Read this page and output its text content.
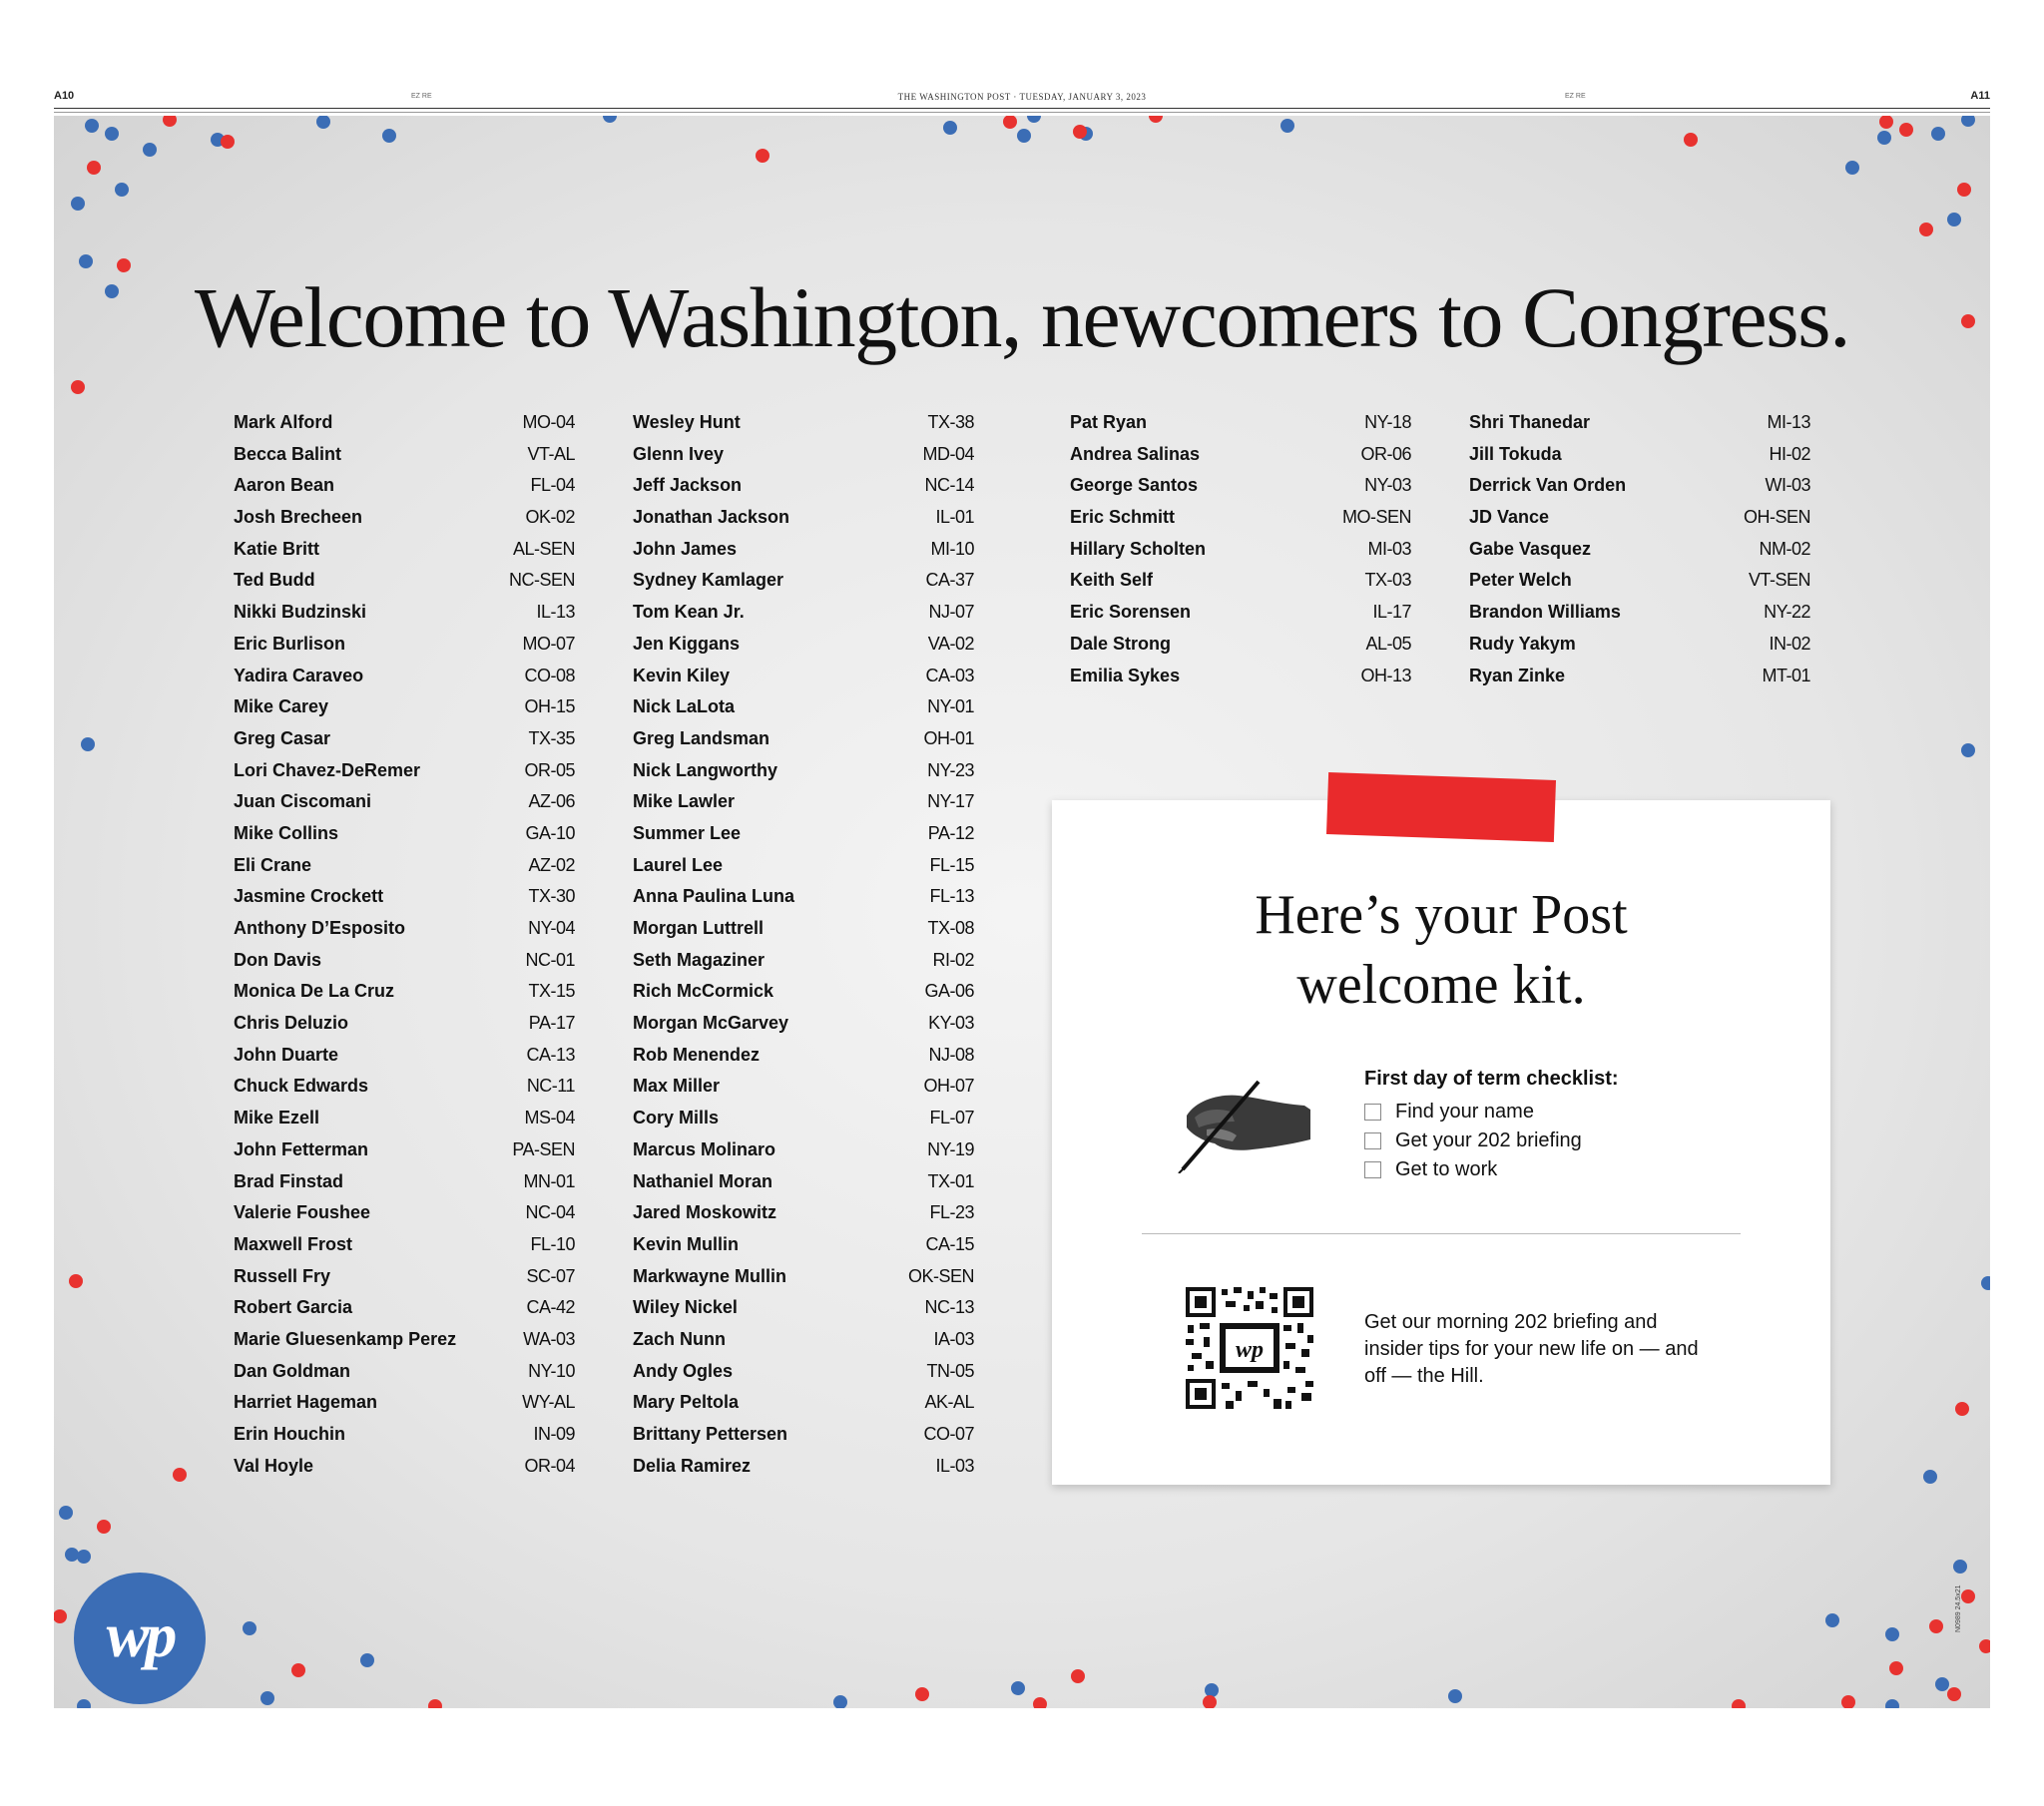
A10	EZ RE	THE WASHINGTON POST · TUESDAY, JANUARY 3, 2023	EZ RE	A11
Welcome to Washington, newcomers to Congress.
Mark Alford	MO-04
Becca Balint	VT-AL
Aaron Bean	FL-04
Josh Brecheen	OK-02
Katie Britt	AL-SEN
Ted Budd	NC-SEN
Nikki Budzinski	IL-13
Eric Burlison	MO-07
Yadira Caraveo	CO-08
Mike Carey	OH-15
Greg Casar	TX-35
Lori Chavez-DeRemer	OR-05
Juan Ciscomani	AZ-06
Mike Collins	GA-10
Eli Crane	AZ-02
Jasmine Crockett	TX-30
Anthony D’Esposito	NY-04
Don Davis	NC-01
Monica De La Cruz	TX-15
Chris Deluzio	PA-17
John Duarte	CA-13
Chuck Edwards	NC-11
Mike Ezell	MS-04
John Fetterman	PA-SEN
Brad Finstad	MN-01
Valerie Foushee	NC-04
Maxwell Frost	FL-10
Russell Fry	SC-07
Robert Garcia	CA-42
Marie Gluesenkamp Perez	WA-03
Dan Goldman	NY-10
Harriet Hageman	WY-AL
Erin Houchin	IN-09
Val Hoyle	OR-04
Wesley Hunt	TX-38
Glenn Ivey	MD-04
Jeff Jackson	NC-14
Jonathan Jackson	IL-01
John James	MI-10
Sydney Kamlager	CA-37
Tom Kean Jr.	NJ-07
Jen Kiggans	VA-02
Kevin Kiley	CA-03
Nick LaLota	NY-01
Greg Landsman	OH-01
Nick Langworthy	NY-23
Mike Lawler	NY-17
Summer Lee	PA-12
Laurel Lee	FL-15
Anna Paulina Luna	FL-13
Morgan Luttrell	TX-08
Seth Magaziner	RI-02
Rich McCormick	GA-06
Morgan McGarvey	KY-03
Rob Menendez	NJ-08
Max Miller	OH-07
Cory Mills	FL-07
Marcus Molinaro	NY-19
Nathaniel Moran	TX-01
Jared Moskowitz	FL-23
Kevin Mullin	CA-15
Markwayne Mullin	OK-SEN
Wiley Nickel	NC-13
Zach Nunn	IA-03
Andy Ogles	TN-05
Mary Peltola	AK-AL
Brittany Pettersen	CO-07
Delia Ramirez	IL-03
Pat Ryan	NY-18
Andrea Salinas	OR-06
George Santos	NY-03
Eric Schmitt	MO-SEN
Hillary Scholten	MI-03
Keith Self	TX-03
Eric Sorensen	IL-17
Dale Strong	AL-05
Emilia Sykes	OH-13
Shri Thanedar	MI-13
Jill Tokuda	HI-02
Derrick Van Orden	WI-03
JD Vance	OH-SEN
Gabe Vasquez	NM-02
Peter Welch	VT-SEN
Brandon Williams	NY-22
Rudy Yakym	IN-02
Ryan Zinke	MT-01
Here’s your Post
welcome kit.
First day of term checklist:
Find your name
Get your 202 briefing
Get to work
wp
Get our morning 202 briefing and insider tips for your new life on — and off — the Hill.
wp	N0989 24.5x21
